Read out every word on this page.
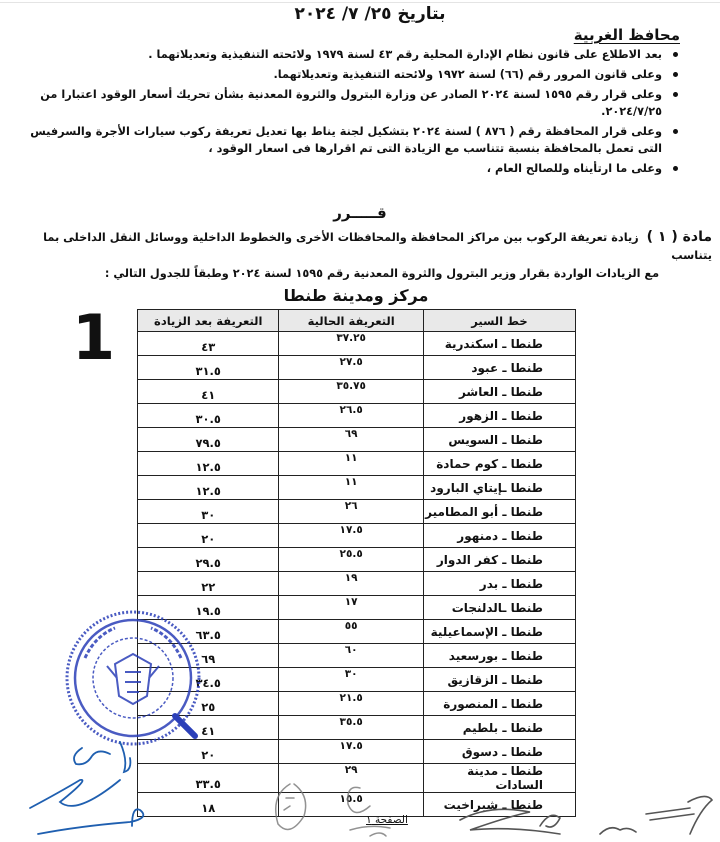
بتاريخ ٢٥/ ٧/ ٢٠٢٤
محافظ الغربية
بعد الاطلاع على قانون نظام الإدارة المحلية رقم ٤٣ لسنة ١٩٧٩ ولائحته التنفيذية وتعديلاتهما .
وعلى قانون المرور رقم (٦٦) لسنة ١٩٧٢ ولائحته التنفيذية وتعديلاتهما.
وعلى قرار رقم ١٥٩٥ لسنة ٢٠٢٤ الصادر عن وزارة البترول والثروة المعدنية بشأن تحريك أسعار الوقود اعتبارا من ٢٠٢٤/٧/٢٥.
وعلى قرار المحافظة رقم ( ٨٧٦ ) لسنة ٢٠٢٤ بتشكيل لجنة يناط بها تعديل تعريفة ركوب سيارات الأجرة والسرفيس التى تعمل بالمحافظة بنسبة تتناسب مع الزيادة التى تم اقرارها فى اسعار الوقود ،
وعلى ما ارتأيناه وللصالح العام ،
قـــــرر
مادة ( ١ ) زيادة تعريفة الركوب بين مراكز المحافظة والمحافظات الأخرى والخطوط الداخلية ووسائل النقل الداخلى بما يتناسب
مع الزيادات الواردة بقرار وزير البترول والثروة المعدنية رقم ١٥٩٥ لسنة ٢٠٢٤ وطبقاً للجدول التالي :
1
مركز ومدينة طنطا
خط السير	التعريفة الحالية	التعريفة بعد الزيادة
طنطا ـ اسكندرية	٣٧.٢٥	٤٣
طنطا ـ عبود	٢٧.٥	٣١.٥
طنطا ـ العاشر	٣٥.٧٥	٤١
طنطا ـ الزهور	٢٦.٥	٣٠.٥
طنطا ـ السويس	٦٩	٧٩.٥
طنطا ـ كوم حمادة	١١	١٢.٥
طنطا ـإيتاي البارود	١١	١٢.٥
طنطا ـ أبو المطامير	٢٦	٣٠
طنطا ـ دمنهور	١٧.٥	٢٠
طنطا ـ كفر الدوار	٢٥.٥	٢٩.٥
طنطا ـ بدر	١٩	٢٢
طنطا ـالدلنجات	١٧	١٩.٥
طنطا ـ الإسماعيلية	٥٥	٦٣.٥
طنطا ـ بورسعيد	٦٠	٦٩
طنطا ـ الزقازيق	٣٠	٣٤.٥
طنطا ـ المنصورة	٢١.٥	٢٥
طنطا ـ بلطيم	٣٥.٥	٤١
طنطا ـ دسوق	١٧.٥	٢٠
طنطا ـ مدينة السادات	٢٩	٣٣.٥
طنطا ـ شبراخيت	١٥.٥	١٨
الصفحة ١
